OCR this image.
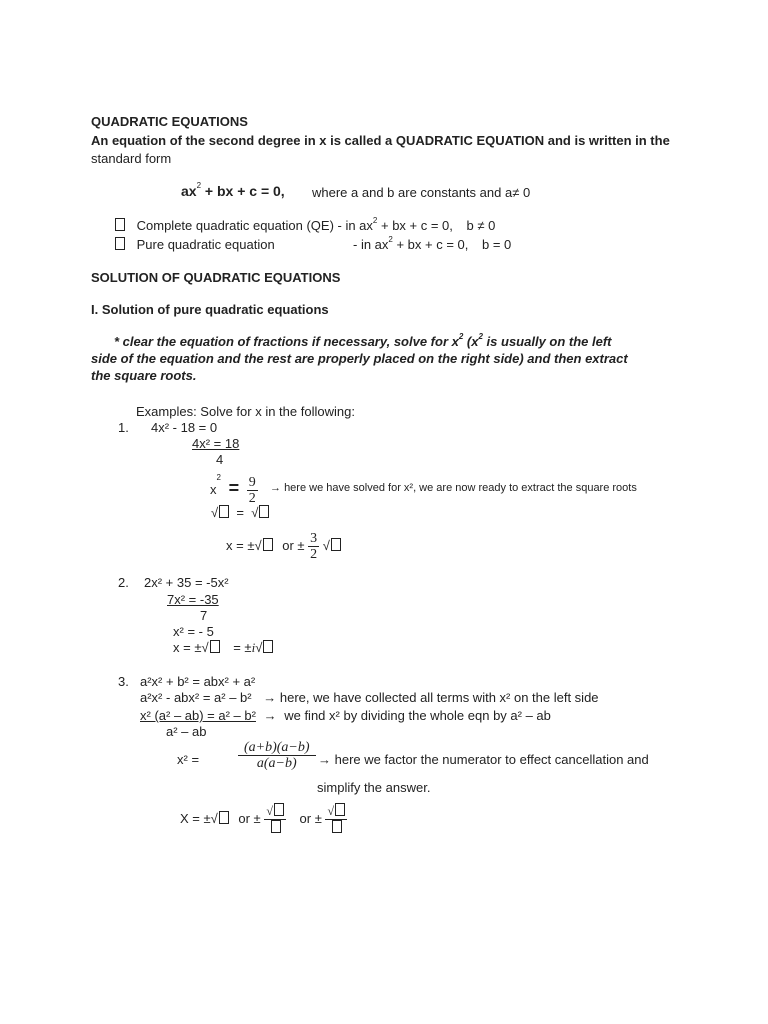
QUADRATIC EQUATIONS
An equation of the second degree in x is called a QUADRATIC EQUATION and is written in the
standard form
$ax^2$ + bx + c = 0, where a and b are constants and a≠ 0
Complete quadratic equation (QE) - in $ax^2$ + bx + c = 0, b ≠ 0
Pure quadratic equation	- in $ax^2$ + bx + c = 0, b = 0
SOLUTION OF QUADRATIC EQUATIONS
I. Solution of pure quadratic equations
* clear the equation of fractions if necessary, solve for $x^2$ ($x^2$ is usually on the left
side of the equation and the rest are properly placed on the right side) and then extract
the square roots.
Examples: Solve for x in the following:
1. 4x² - 18 = 0
4x² = 18
4
$x^2 = \frac{9}{2}$ → here we have solved for x², we are now ready to extract the square roots
√  =  √
x = ±√ or ± $\frac{3}{2}$ √
2. 2x² + 35 = -5x²
7x² = -35
7
x² = - 5
x = ±√ = ±i√
3. a²x² + b² = abx² + a²
a²x² - abx² = a² – b² → here, we have collected all terms with x² on the left side
x² (a² – ab) = a² – b² → we find x² by dividing the whole eqn by a² – ab
a² – ab
x² =	$\frac{(a+b)(a-b)}{a(a-b)}$ → here we factor the numerator to effect cancellation and
simplify the answer.
X = ±√ or ± √	or ± √
